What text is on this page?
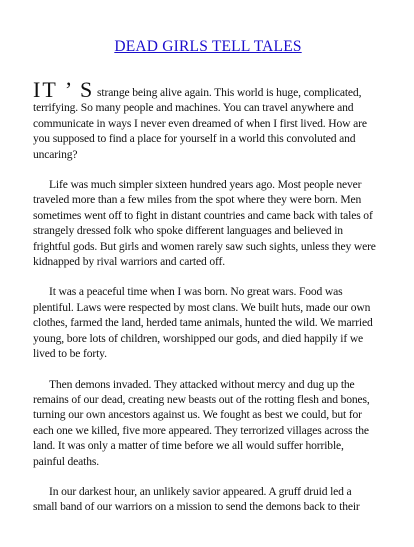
DEAD GIRLS TELL TALES

IT ’ S strange being alive again. This world is huge, complicated,
terrifying. So many people and machines. You can travel anywhere and
communicate in ways I never even dreamed of when I first lived. How are
you supposed to find a place for yourself in a world this convoluted and
uncaring?

Life was much simpler sixteen hundred years ago. Most people never
traveled more than a few miles from the spot where they were born. Men
sometimes went off to fight in distant countries and came back with tales of
strangely dressed folk who spoke different languages and believed in
frightful gods. But girls and women rarely saw such sights, unless they were
kidnapped by rival warriors and carted off.

It was a peaceful time when I was born. No great wars. Food was
plentiful. Laws were respected by most clans. We built huts, made our own
clothes, farmed the land, herded tame animals, hunted the wild. We married
young, bore lots of children, worshipped our gods, and died happily if we
lived to be forty.

Then demons invaded. They attacked without mercy and dug up the
remains of our dead, creating new beasts out of the rotting flesh and bones,
turning our own ancestors against us. We fought as best we could, but for
each one we killed, five more appeared. They terrorized villages across the
land. It was only a matter of time before we all would suffer horrible,
painful deaths.

In our darkest hour, an unlikely savior appeared. A gruff druid led a
small band of our warriors on a mission to send the demons back to their
